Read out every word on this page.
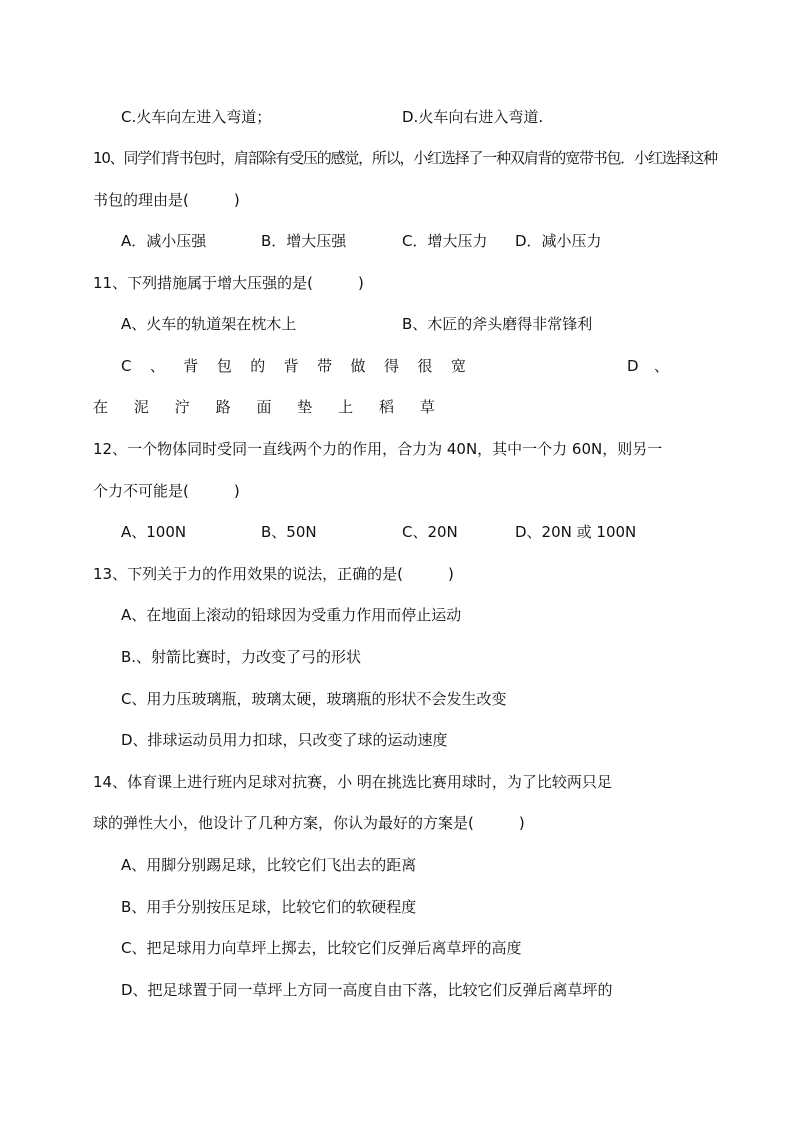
C.火车向左进入弯道；	D.火车向右进入弯道.
10、同学们背书包时，肩部除有受压的感觉，所以，小红选择了一种双肩背的宽带书包．小红选择这种
书包的理由是(　　　)
A．减小压强	B．增大压强	C．增大压力 D．减小压力
11、下列措施属于增大压强的是(　　　)
A、火车的轨道架在枕木上	B、木匠的斧头磨得非常锋利
C 、 背 包 的 背 带 做 得 很 宽	D 、
在 泥 泞 路 面 垫 上 稻 草
12、一个物体同时受同一直线两个力的作用，合力为 40N，其中一个力 60N，则另一
个力不可能是(　　　)
A、100N	B、50N	C、20N	D、20N 或 100N
13、下列关于力的作用效果的说法，正确的是(　　　)
A、在地面上滚动的铅球因为受重力作用而停止运动
B.、射箭比赛时，力改变了弓的形状
C、用力压玻璃瓶，玻璃太硬，玻璃瓶的形状不会发生改变
D、排球运动员用力扣球，只改变了球的运动速度
14、体育课上进行班内足球对抗赛，小 明在挑选比赛用球时，为了比较两只足
球的弹性大小，他设计了几种方案，你认为最好的方案是(　　　)
A、用脚分别踢足球，比较它们飞出去的距离
B、用手分别按压足球，比较它们的软硬程度
C、把足球用力向草坪上掷去，比较它们反弹后离草坪的高度
D、把足球置于同一草坪上方同一高度自由下落，比较它们反弹后离草坪的
